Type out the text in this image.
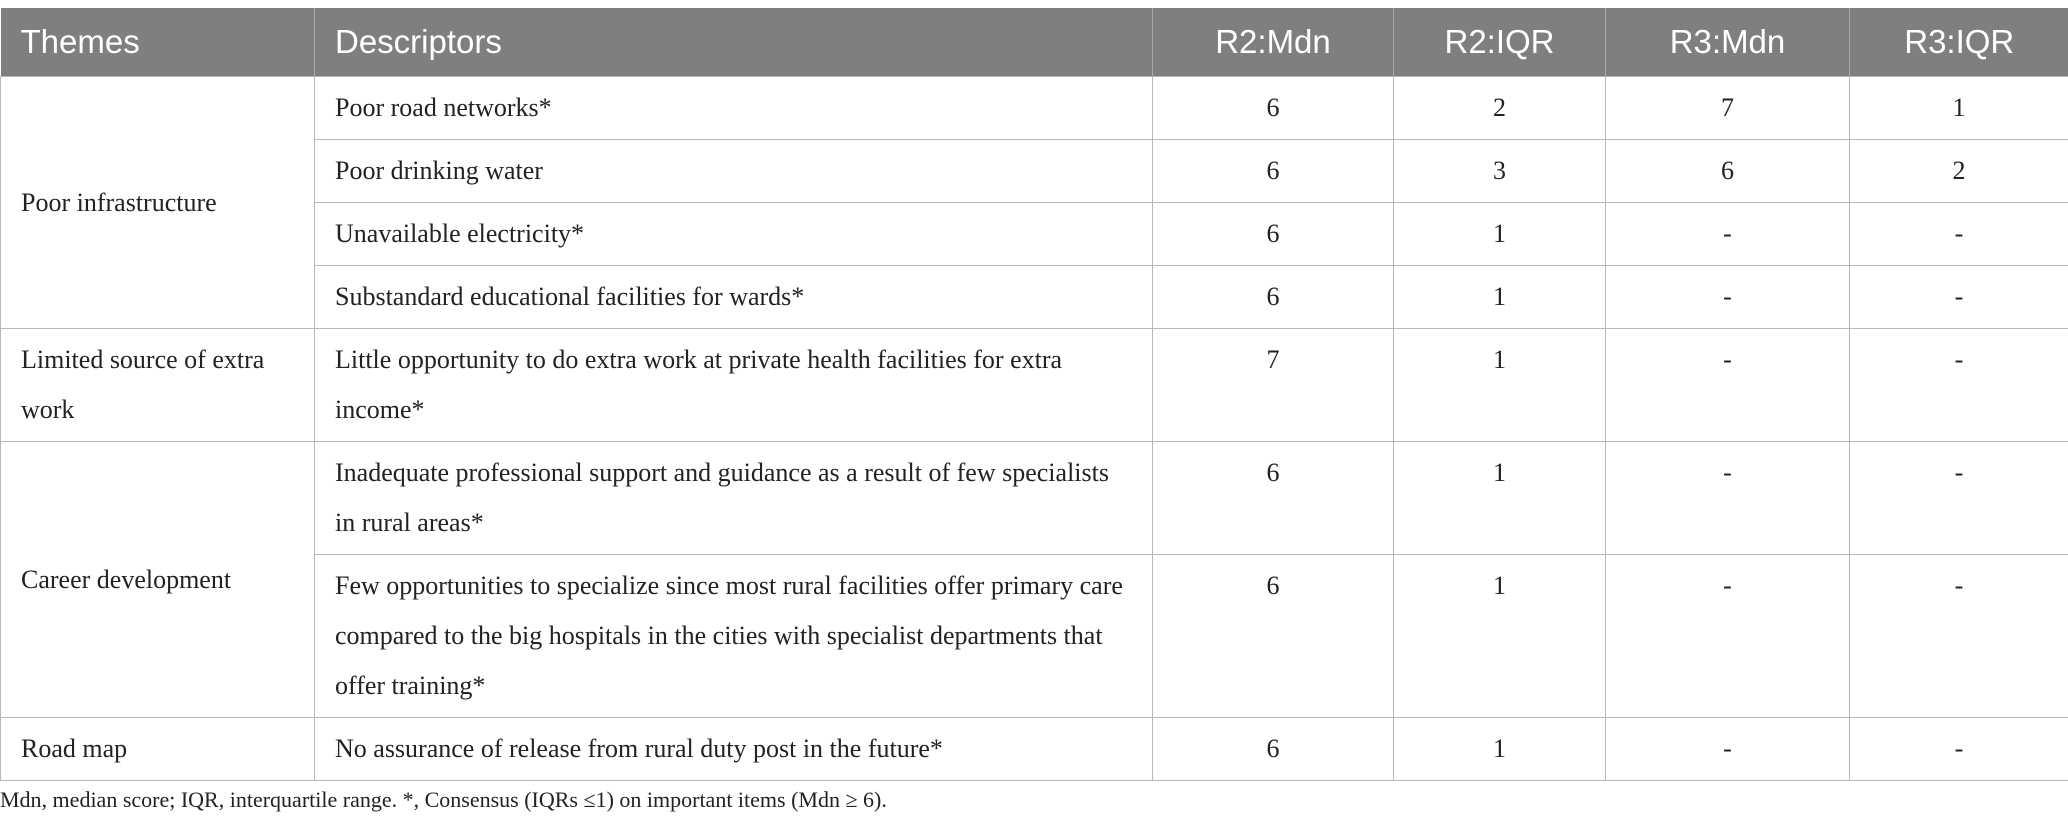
Themes	Descriptors	R2:Mdn	R2:IQR	R3:Mdn	R3:IQR
Poor infrastructure	Poor road networks*	6	2	7	1
	Poor drinking water	6	3	6	2
	Unavailable electricity*	6	1	-	-
	Substandard educational facilities for wards*	6	1	-	-
Limited source of extra work	Little opportunity to do extra work at private health facilities for extra income*	7	1	-	-
Career development	Inadequate professional support and guidance as a result of few specialists in rural areas*	6	1	-	-
	Few opportunities to specialize since most rural facilities offer primary care compared to the big hospitals in the cities with specialist departments that offer training*	6	1	-	-
Road map	No assurance of release from rural duty post in the future*	6	1	-	-
Mdn, median score; IQR, interquartile range. *, Consensus (IQRs ≤1) on important items (Mdn ≥ 6).
